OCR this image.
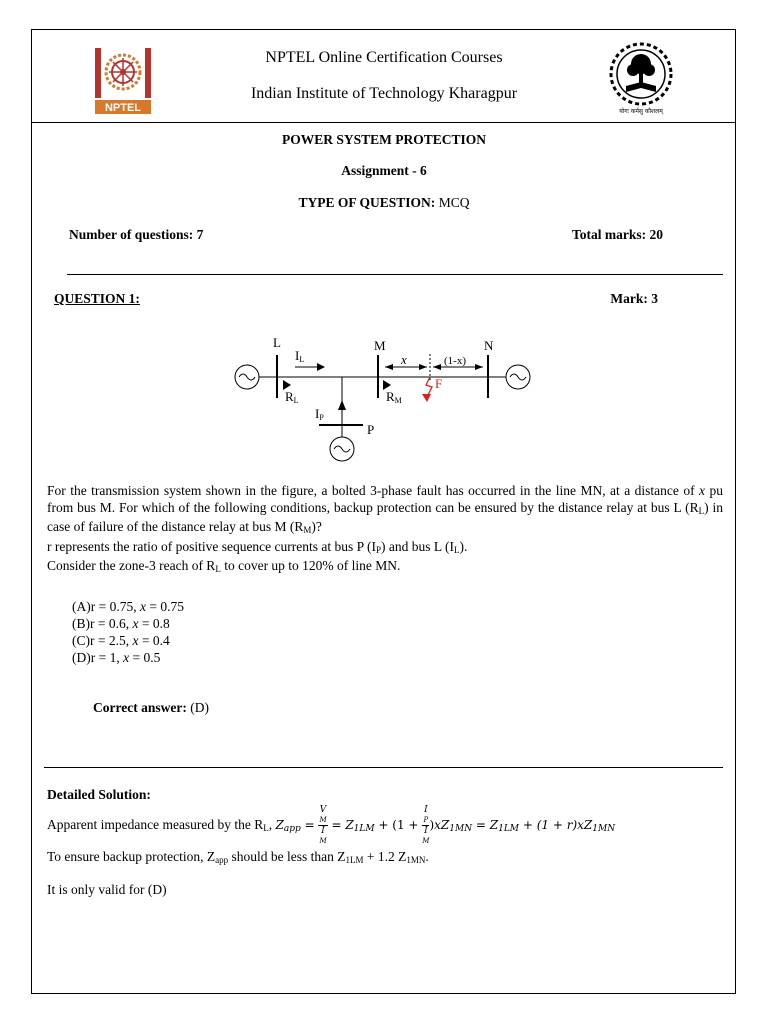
NPTEL
NPTEL Online Certification Courses
Indian Institute of Technology Kharagpur
योगः कर्मसु कौशलम्
POWER SYSTEM PROTECTION
Assignment - 6
TYPE OF QUESTION: MCQ
Number of questions: 7	Total marks: 20
QUESTION 1:	Mark: 3
L	M	N
P
x	(1-x)
F
IL
IP
RL	RM
For the transmission system shown in the figure, a bolted 3-phase fault has occurred in the line MN, at a distance of x pu from bus M. For which of the following conditions, backup protection can be ensured by the distance relay at bus L $(R_L)$ in case of failure of the distance relay at bus M $(R_M)$?
r represents the ratio of positive sequence currents at bus P $(I_P)$ and bus L $(I_L)$.
Consider the zone-3 reach of $R_L$ to cover up to 120% of line MN.
(A)r = 0.75, x = 0.75
(B)r = 0.6, x = 0.8
(C)r = 2.5, x = 0.4
(D)r = 1, x = 0.5
Correct answer: (D)
Detailed Solution:
Apparent impedance measured by the $R_L$, $Z_{app} = V$
M
I
$M = Z_{1LM} + (1 + I$
P
I
M )$xZ_{1MN} = Z_{1LM} + (1 + r)xZ_{1MN}$
To ensure backup protection, $Z_{app}$ should be less than $Z_{1LM} + 1.2$ $Z_{1MN}$.
It is only valid for (D)
